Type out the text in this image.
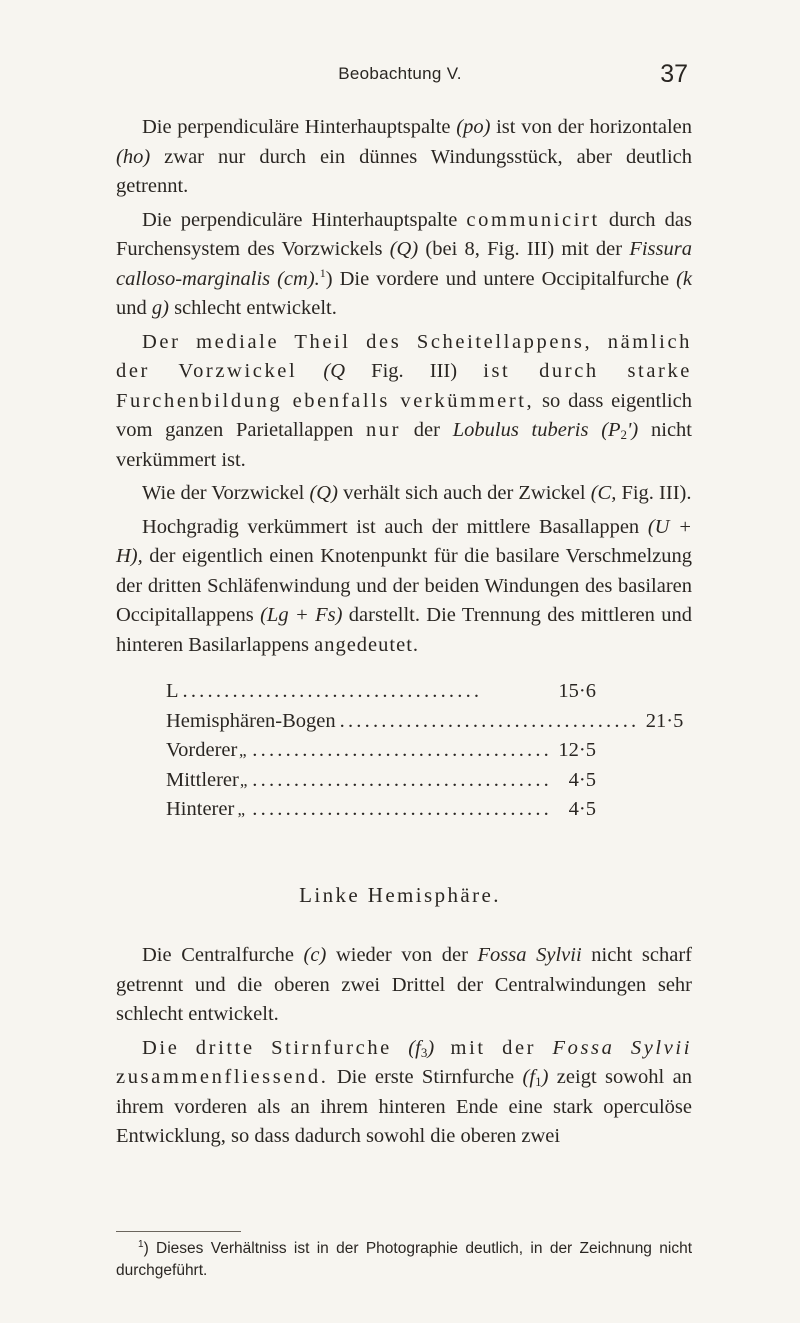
Beobachtung V.	37

Die perpendiculäre Hinterhauptspalte (po) ist von der horizontalen (ho) zwar nur durch ein dünnes Windungsstück, aber deutlich getrennt.

Die perpendiculäre Hinterhauptspalte communicirt durch das Furchensystem des Vorzwickels (Q) (bei 8, Fig. III) mit der Fissura calloso-marginalis (cm).$^1$) Die vordere und untere Occipitalfurche (k und g) schlecht entwickelt.

Der mediale Theil des Scheitellappens, nämlich der Vorzwickel (Q Fig. III) ist durch starke Furchenbildung ebenfalls verkümmert, so dass eigentlich vom ganzen Parietallappen nur der Lobulus tuberis $(P_2')$ nicht verkümmert ist.

Wie der Vorzwickel (Q) verhält sich auch der Zwickel (C, Fig. III).

Hochgradig verkümmert ist auch der mittlere Basallappen (U + H), der eigentlich einen Knotenpunkt für die basilare Verschmelzung der dritten Schläfenwindung und der beiden Windungen des basilaren Occipitallappens (Lg + Fs) darstellt. Die Trennung des mittleren und hinteren Basilarlappens angedeutet.

L ....................................	15·6
Hemisphären-Bogen .................................... 21·5
Vorderer „ .................................... 12·5
Mittlerer „ .................................... 4·5
Hinterer „ .................................... 4·5
Linke Hemisphäre.

Die Centralfurche (c) wieder von der Fossa Sylvii nicht scharf getrennt und die oberen zwei Drittel der Centralwindungen sehr schlecht entwickelt.

Die dritte Stirnfurche $(f_3)$ mit der Fossa Sylvii zusammenfliessend. Die erste Stirnfurche $(f_1)$ zeigt sowohl an ihrem vorderen als an ihrem hinteren Ende eine stark operculöse Entwicklung, so dass dadurch sowohl die oberen zwei

$^1$) Dieses Verhältniss ist in der Photographie deutlich, in der Zeichnung nicht durchgeführt.
